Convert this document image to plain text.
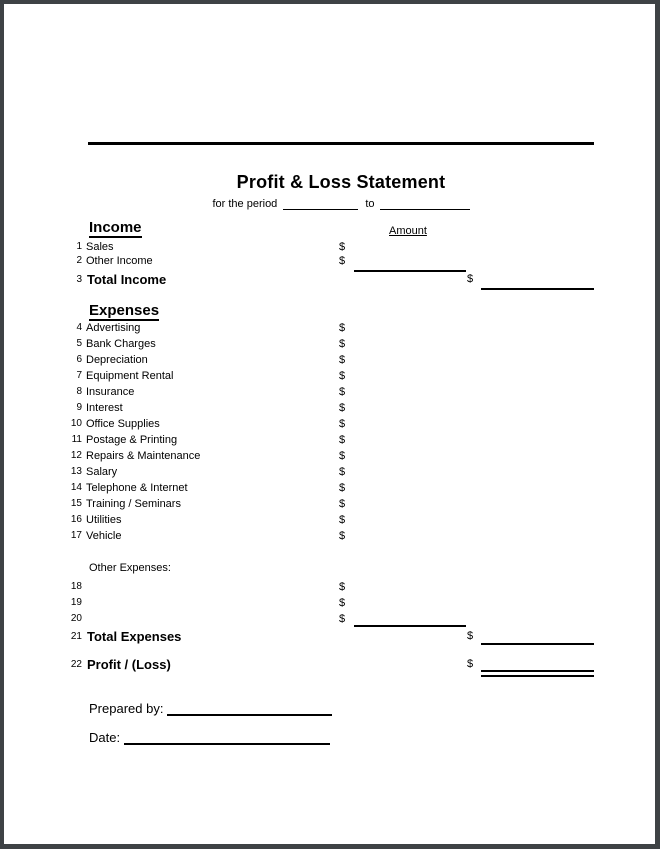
Profit & Loss Statement
for the period	to
Income	Amount
1 Sales	$
2 Other Income	$
3 Total Income	$
Expenses
4 Advertising	$
5 Bank Charges	$
6 Depreciation	$
7 Equipment Rental	$
8 Insurance	$
9 Interest	$
10 Office Supplies	$
11 Postage & Printing	$
12 Repairs & Maintenance	$
13 Salary	$
14 Telephone & Internet	$
15 Training / Seminars	$
16 Utilities	$
17 Vehicle	$
Other Expenses:
18	$
19	$
20	$
21 Total Expenses	$
22 Profit / (Loss)	$
Prepared by:
Date:
